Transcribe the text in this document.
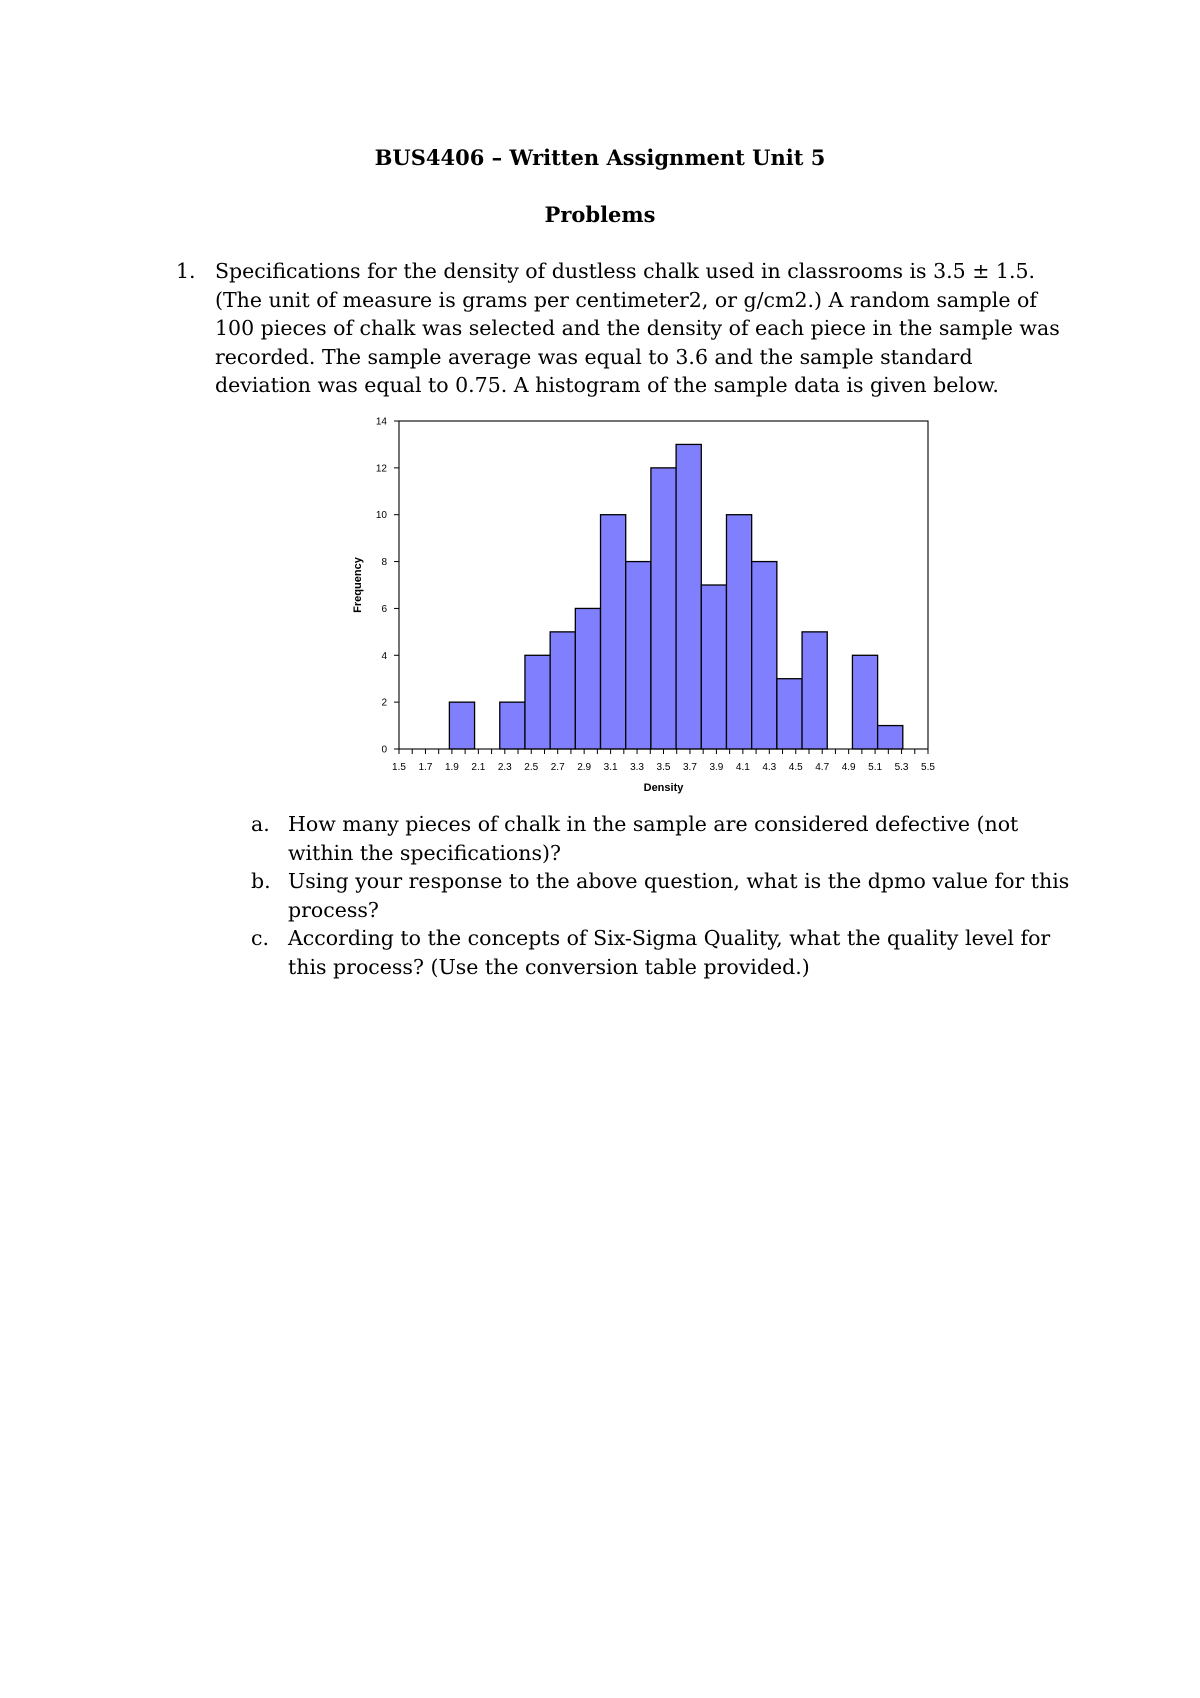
BUS4406 – Written Assignment Unit 5
Problems
1. Specifications for the density of dustless chalk used in classrooms is 3.5 ± 1.5.
(The unit of measure is grams per centimeter2, or g/cm2.) A random sample of
100 pieces of chalk was selected and the density of each piece in the sample was
recorded. The sample average was equal to 3.6 and the sample standard
deviation was equal to 0.75. A histogram of the sample data is given below.
0
2
4
6
8
10
12
14
1.5 1.7 1.9 2.1 2.3 2.5 2.7 2.9 3.1 3.3 3.5 3.7 3.9 4.1 4.3 4.5 4.7 4.9 5.1 5.3 5.5
Density
Frequency
a. How many pieces of chalk in the sample are considered defective (not
within the specifications)?
b. Using your response to the above question, what is the dpmo value for this
process?
c. According to the concepts of Six-Sigma Quality, what the quality level for
this process? (Use the conversion table provided.)
